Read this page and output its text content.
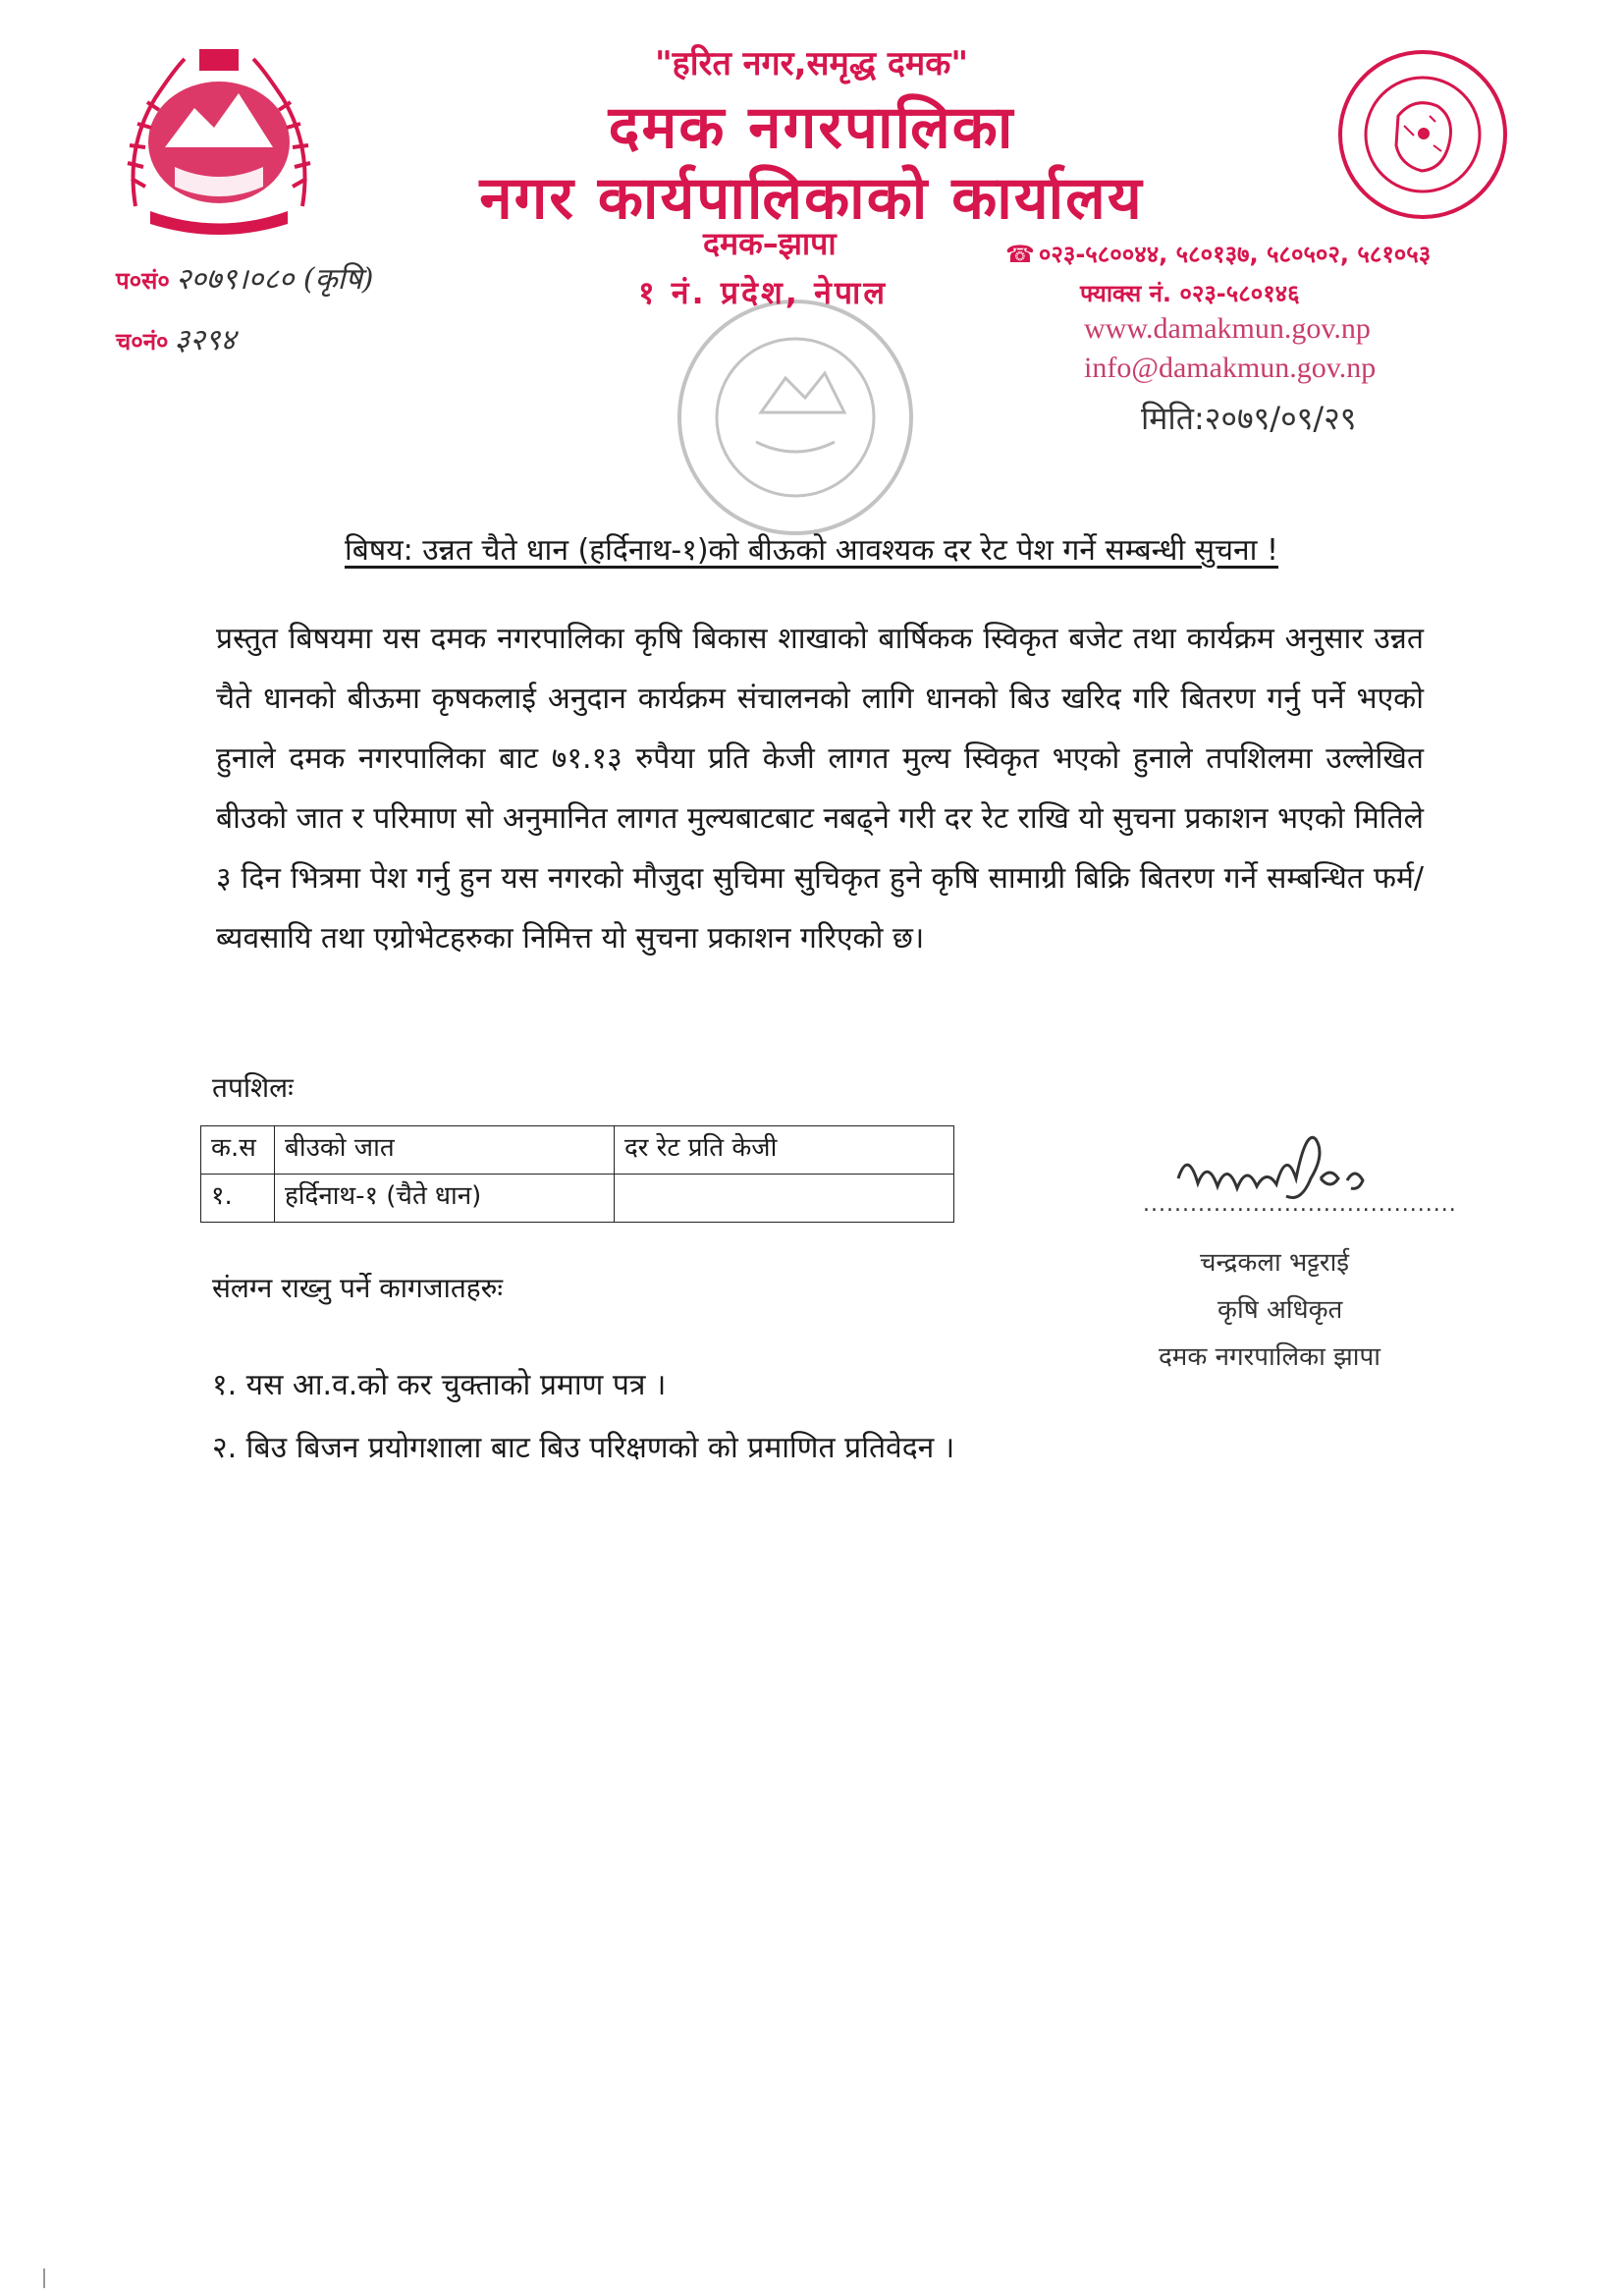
"हरित नगर,समृद्ध दमक"
दमक नगरपालिका
नगर कार्यपालिकाको कार्यालय
दमक–झापा
१ नं. प्रदेश, नेपाल
प०सं० २०७९।०८० (कृषि)
च०नं० ३२९४
☎ ०२३-५८००४४, ५८०१३७, ५८०५०२, ५८१०५३
फ्याक्स नं. ०२३-५८०१४६
www.damakmun.gov.np
info@damakmun.gov.np
मिति:२०७९/०९/२९
बिषय: उन्नत चैते धान (हर्दिनाथ-१)को बीऊको आवश्यक दर रेट पेश गर्ने सम्बन्धी सुचना !
प्रस्तुत बिषयमा यस दमक नगरपालिका कृषि बिकास शाखाको बार्षिकक स्विकृत बजेट तथा कार्यक्रम अनुसार उन्नत चैते धानको बीऊमा कृषकलाई अनुदान कार्यक्रम संचालनको लागि धानको बिउ खरिद गरि बितरण गर्नु पर्ने भएको हुनाले दमक नगरपालिका बाट ७१.१३ रुपैया प्रति केजी लागत मुल्य स्विकृत भएको हुनाले तपशिलमा उल्लेखित बीउको जात र परिमाण सो अनुमानित लागत मुल्यबाटबाट नबढ्ने गरी दर रेट राखि यो सुचना प्रकाशन भएको मितिले ३ दिन भित्रमा पेश गर्नु हुन यस नगरको मौजुदा सुचिमा सुचिकृत हुने कृषि सामाग्री बिक्रि बितरण गर्ने सम्बन्धित फर्म/ब्यवसायि तथा एग्रोभेटहरुका निमित्त यो सुचना प्रकाशन गरिएको छ।
तपशिलः
क.स	बीउको जात	दर रेट प्रति केजी
१.	हर्दिनाथ-१ (चैते धान)		........................................
चन्द्रकला भट्टराई
कृषि अधिकृत
दमक नगरपालिका झापा
संलग्न राख्नु पर्ने कागजातहरुः
१. यस आ.व.को कर चुक्ताको प्रमाण पत्र ।
२. बिउ बिजन प्रयोगशाला बाट बिउ परिक्षणको को प्रमाणित प्रतिवेदन ।
